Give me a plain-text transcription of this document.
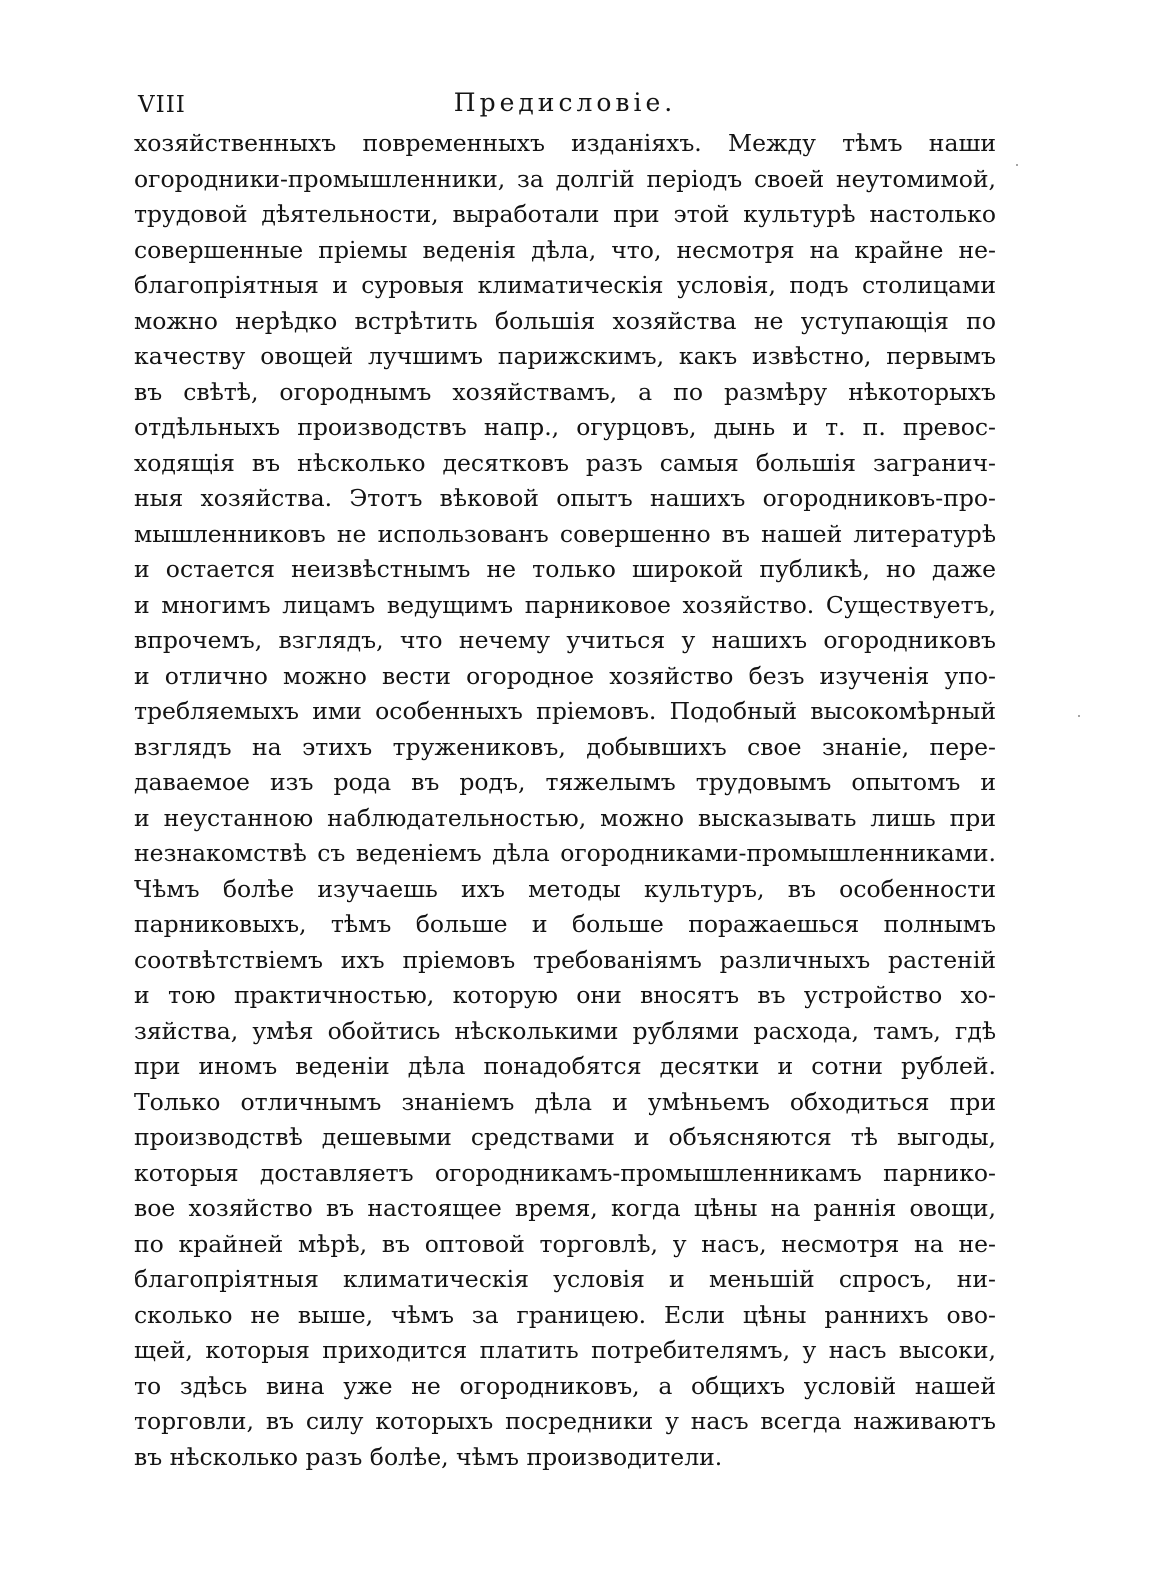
VIII	Предисловіе.
хозяйственныхъ повременныхъ изданіяхъ. Между тѣмъ наши
огородники-промышленники, за долгій періодъ своей неутомимой,
трудовой дѣятельности, выработали при этой культурѣ настолько
совершенные пріемы веденія дѣла, что, несмотря на крайне не-
благопріятныя и суровыя климатическія условія, подъ столицами
можно нерѣдко встрѣтить большія хозяйства не уступающія по
качеству овощей лучшимъ парижскимъ, какъ извѣстно, первымъ
въ свѣтѣ, огороднымъ хозяйствамъ, а по размѣру нѣкоторыхъ
отдѣльныхъ производствъ напр., огурцовъ, дынь и т. п. превос-
ходящія въ нѣсколько десятковъ разъ самыя большія загранич-
ныя хозяйства. Этотъ вѣковой опытъ нашихъ огородниковъ-про-
мышленниковъ не использованъ совершенно въ нашей литературѣ
и остается неизвѣстнымъ не только широкой публикѣ, но даже
и многимъ лицамъ ведущимъ парниковое хозяйство. Существуетъ,
впрочемъ, взглядъ, что нечему учиться у нашихъ огородниковъ
и отлично можно вести огородное хозяйство безъ изученія упо-
требляемыхъ ими особенныхъ пріемовъ. Подобный высокомѣрный
взглядъ на этихъ тружениковъ, добывшихъ свое знаніе, пере-
даваемое изъ рода въ родъ, тяжелымъ трудовымъ опытомъ и
и неустанною наблюдательностью, можно высказывать лишь при
незнакомствѣ съ веденіемъ дѣла огородниками-промышленниками.
Чѣмъ болѣе изучаешь ихъ методы культуръ, въ особенности
парниковыхъ, тѣмъ больше и больше поражаешься полнымъ
соотвѣтствіемъ ихъ пріемовъ требованіямъ различныхъ растеній
и тою практичностью, которую они вносятъ въ устройство хо-
зяйства, умѣя обойтись нѣсколькими рублями расхода, тамъ, гдѣ
при иномъ веденіи дѣла понадобятся десятки и сотни рублей.
Только отличнымъ знаніемъ дѣла и умѣньемъ обходиться при
производствѣ дешевыми средствами и объясняются тѣ выгоды,
которыя доставляетъ огородникамъ-промышленникамъ парнико-
вое хозяйство въ настоящее время, когда цѣны на раннія овощи,
по крайней мѣрѣ, въ оптовой торговлѣ, у насъ, несмотря на не-
благопріятныя климатическія условія и меньшій спросъ, ни-
сколько не выше, чѣмъ за границею. Если цѣны раннихъ ово-
щей, которыя приходится платить потребителямъ, у насъ высоки,
то здѣсь вина уже не огородниковъ, а общихъ условій нашей
торговли, въ силу которыхъ посредники у насъ всегда наживаютъ
въ нѣсколько разъ болѣе, чѣмъ производители.
